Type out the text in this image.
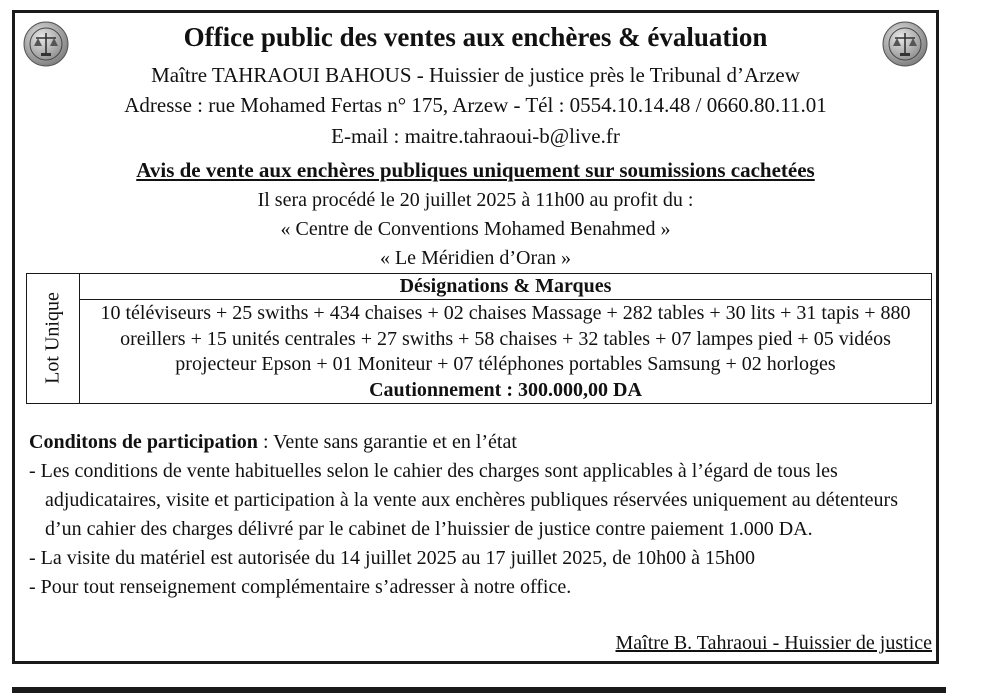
Office public des ventes aux enchères & évaluation
Maître TAHRAOUI BAHOUS - Huissier de justice près le Tribunal d’Arzew
Adresse : rue Mohamed Fertas n° 175, Arzew - Tél : 0554.10.14.48 / 0660.80.11.01
E-mail : maitre.tahraoui-b@live.fr
Avis de vente aux enchères publiques uniquement sur soumissions cachetées
Il sera procédé le 20 juillet 2025 à 11h00 au profit du :
« Centre de Conventions Mohamed Benahmed »
« Le Méridien d’Oran »
Lot Unique
	Désignations & Marques
10 téléviseurs + 25 swiths + 434 chaises + 02 chaises Massage + 282 tables + 30 lits + 31 tapis + 880 oreillers + 15 unités centrales + 27 swiths + 58 chaises + 32 tables + 07 lampes pied + 05 vidéos projecteur Epson + 01 Moniteur + 07 téléphones portables Samsung + 02 horloges
Cautionnement : 300.000,00 DA

Conditons de participation : Vente sans garantie et en l’état

- Les conditions de vente habituelles selon le cahier des charges sont applicables à l’égard de tous les adjudicataires, visite et participation à la vente aux enchères publiques réservées uniquement au détenteurs d’un cahier des charges délivré par le cabinet de l’huissier de justice contre paiement 1.000 DA.

- La visite du matériel est autorisée du 14 juillet 2025 au 17 juillet 2025, de 10h00 à 15h00

- Pour tout renseignement complémentaire s’adresser à notre office.

Maître B. Tahraoui - Huissier de justice
